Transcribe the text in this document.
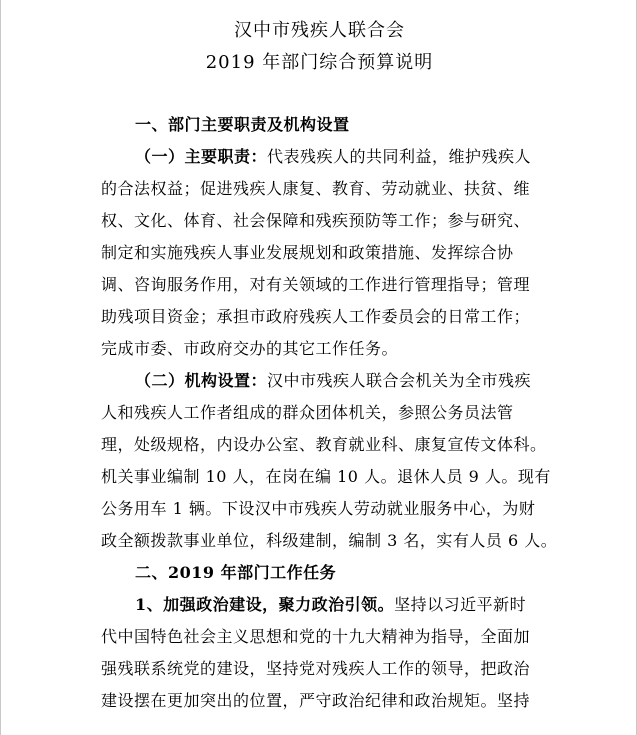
汉中市残疾人联合会
2019 年部门综合预算说明
一、部门主要职责及机构设置
（一）主要职责：代表残疾人的共同利益，维护残疾人
的合法权益；促进残疾人康复、教育、劳动就业、扶贫、维
权、文化、体育、社会保障和残疾预防等工作；参与研究、
制定和实施残疾人事业发展规划和政策措施、发挥综合协
调、咨询服务作用，对有关领域的工作进行管理指导；管理
助残项目资金；承担市政府残疾人工作委员会的日常工作；
完成市委、市政府交办的其它工作任务。
（二）机构设置：汉中市残疾人联合会机关为全市残疾
人和残疾人工作者组成的群众团体机关，参照公务员法管
理，处级规格，内设办公室、教育就业科、康复宣传文体科。
机关事业编制 10 人，在岗在编 10 人。退休人员 9 人。现有
公务用车 1 辆。下设汉中市残疾人劳动就业服务中心，为财
政全额拨款事业单位，科级建制，编制 3 名，实有人员 6 人。
二、2019 年部门工作任务
1、加强政治建设，聚力政治引领。坚持以习近平新时
代中国特色社会主义思想和党的十九大精神为指导，全面加
强残联系统党的建设，坚持党对残疾人工作的领导，把政治
建设摆在更加突出的位置，严守政治纪律和政治规矩。坚持
